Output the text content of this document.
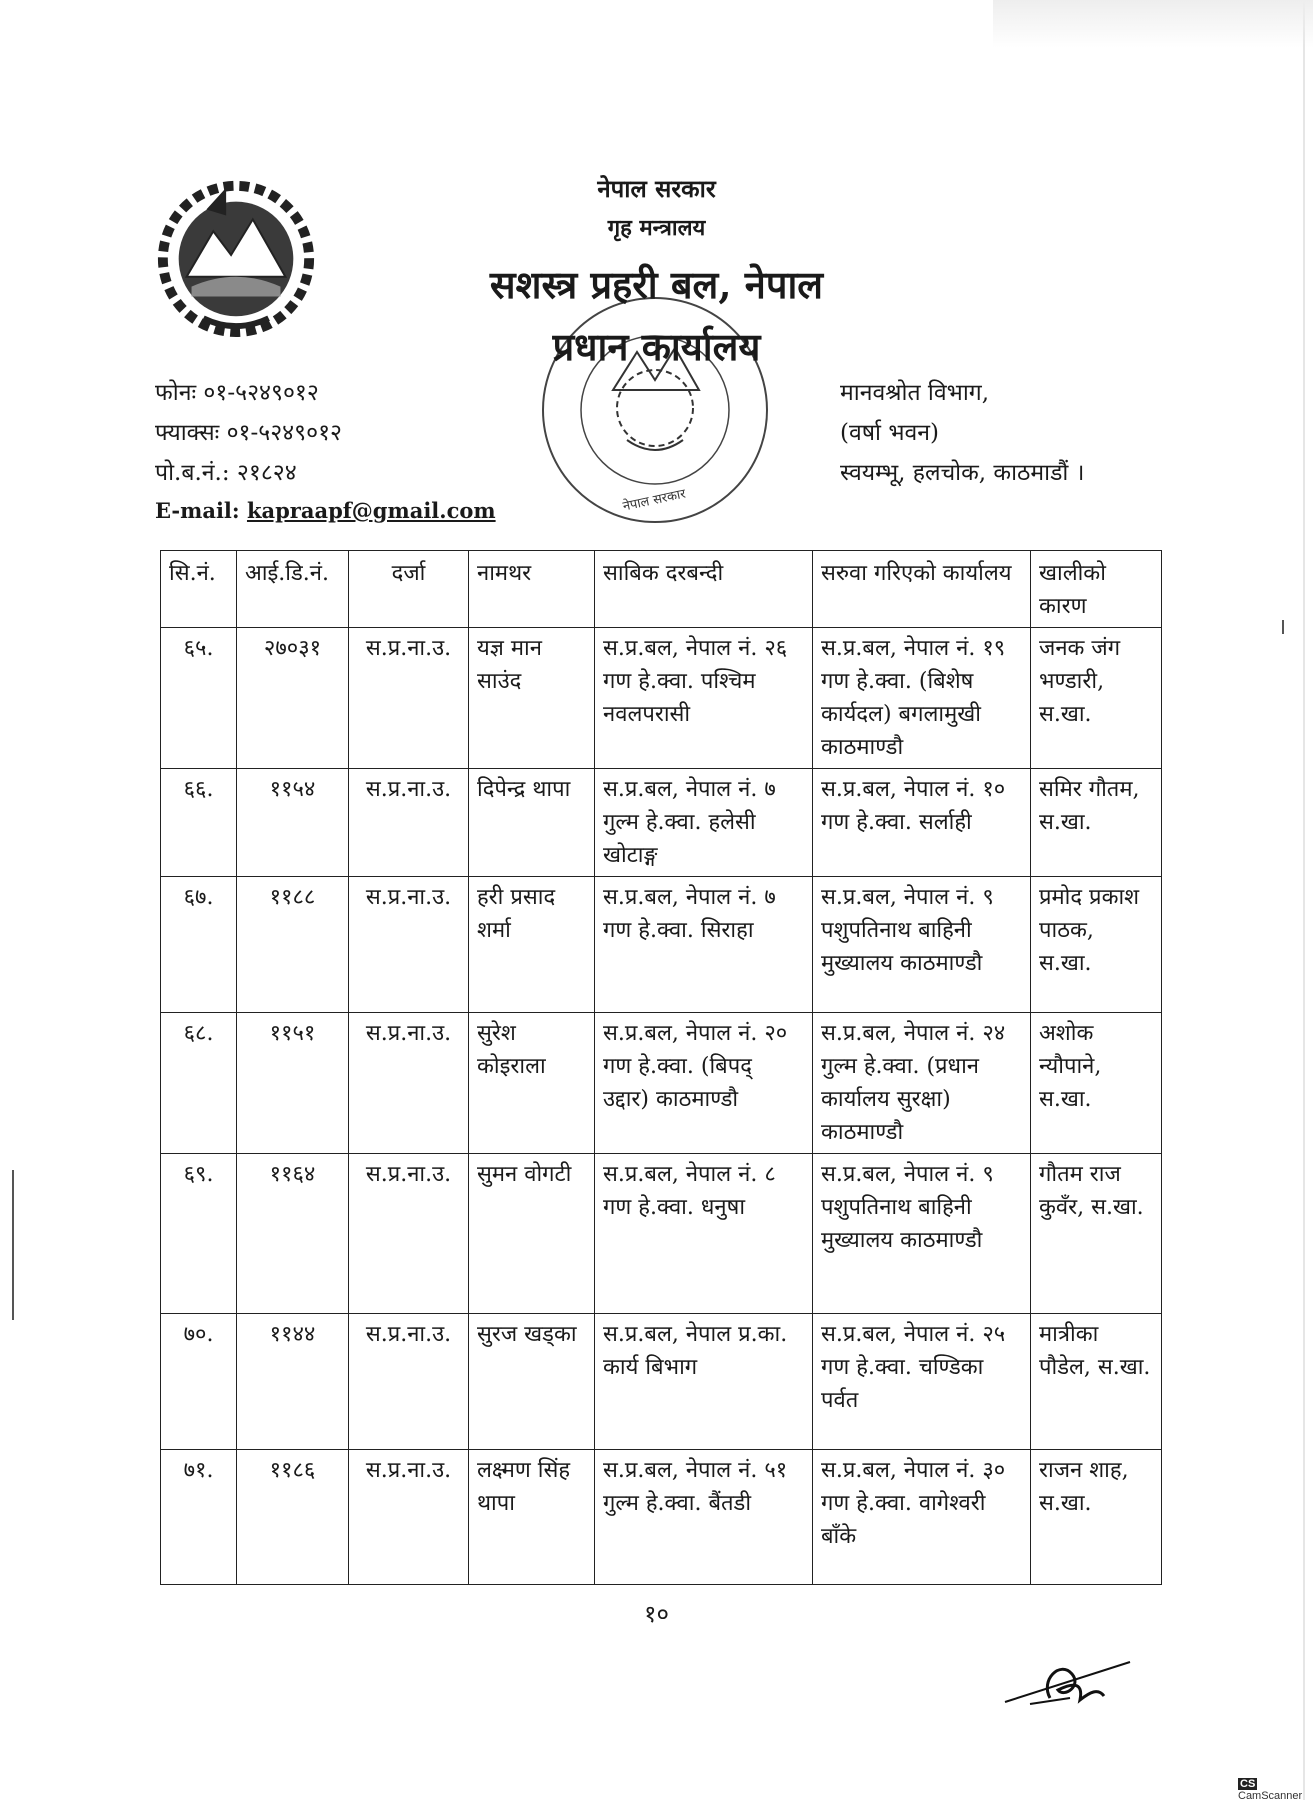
नेपाल सरकार
नेपाल सरकार
गृह मन्त्रालय
सशस्त्र प्रहरी बल, नेपाल
प्रधान कार्यालय
फोनः ०१-५२४९०१२
फ्याक्सः ०१-५२४९०१२
पो.ब.नं.: २१८२४
E-mail: kapraapf@gmail.com
मानवश्रोत विभाग,
(वर्षा भवन)
स्वयम्भू, हलचोक, काठमाडौं ।
सि.नं.	आई.डि.नं.	दर्जा	नामथर	साबिक दरबन्दी	सरुवा गरिएको कार्यालय	खालीको कारण
६५.	२७०३१	स.प्र.ना.उ.	यज्ञ मान साउंद	स.प्र.बल, नेपाल नं. २६ गण हे.क्वा. पश्चिम नवलपरासी	स.प्र.बल, नेपाल नं. १९ गण हे.क्वा. (बिशेष कार्यदल) बगलामुखी काठमाण्डौ	जनक जंग भण्डारी, स.खा.
६६.	११५४	स.प्र.ना.उ.	दिपेन्द्र थापा	स.प्र.बल, नेपाल नं. ७ गुल्म हे.क्वा. हलेसी खोटाङ्ग	स.प्र.बल, नेपाल नं. १० गण हे.क्वा. सर्लाही	समिर गौतम, स.खा.
६७.	११८८	स.प्र.ना.उ.	हरी प्रसाद शर्मा	स.प्र.बल, नेपाल नं. ७ गण हे.क्वा. सिराहा	स.प्र.बल, नेपाल नं. ९ पशुपतिनाथ बाहिनी मुख्यालय काठमाण्डौ	प्रमोद प्रकाश पाठक, स.खा.
६८.	११५१	स.प्र.ना.उ.	सुरेश कोइराला	स.प्र.बल, नेपाल नं. २० गण हे.क्वा. (बिपद् उद्दार) काठमाण्डौ	स.प्र.बल, नेपाल नं. २४ गुल्म हे.क्वा. (प्रधान कार्यालय सुरक्षा) काठमाण्डौ	अशोक न्यौपाने, स.खा.
६९.	११६४	स.प्र.ना.उ.	सुमन वोगटी	स.प्र.बल, नेपाल नं. ८ गण हे.क्वा. धनुषा	स.प्र.बल, नेपाल नं. ९ पशुपतिनाथ बाहिनी मुख्यालय काठमाण्डौ	गौतम राज कुवँर, स.खा.
७०.	११४४	स.प्र.ना.उ.	सुरज खड्का	स.प्र.बल, नेपाल प्र.का. कार्य बिभाग	स.प्र.बल, नेपाल नं. २५ गण हे.क्वा. चण्डिका पर्वत	मात्रीका पौडेल, स.खा.
७१.	११८६	स.प्र.ना.उ.	लक्ष्मण सिंह थापा	स.प्र.बल, नेपाल नं. ५१ गुल्म हे.क्वा. बैंतडी	स.प्र.बल, नेपाल नं. ३० गण हे.क्वा. वागेश्वरी बाँके	राजन शाह, स.खा.
१०
CSCamScanner
